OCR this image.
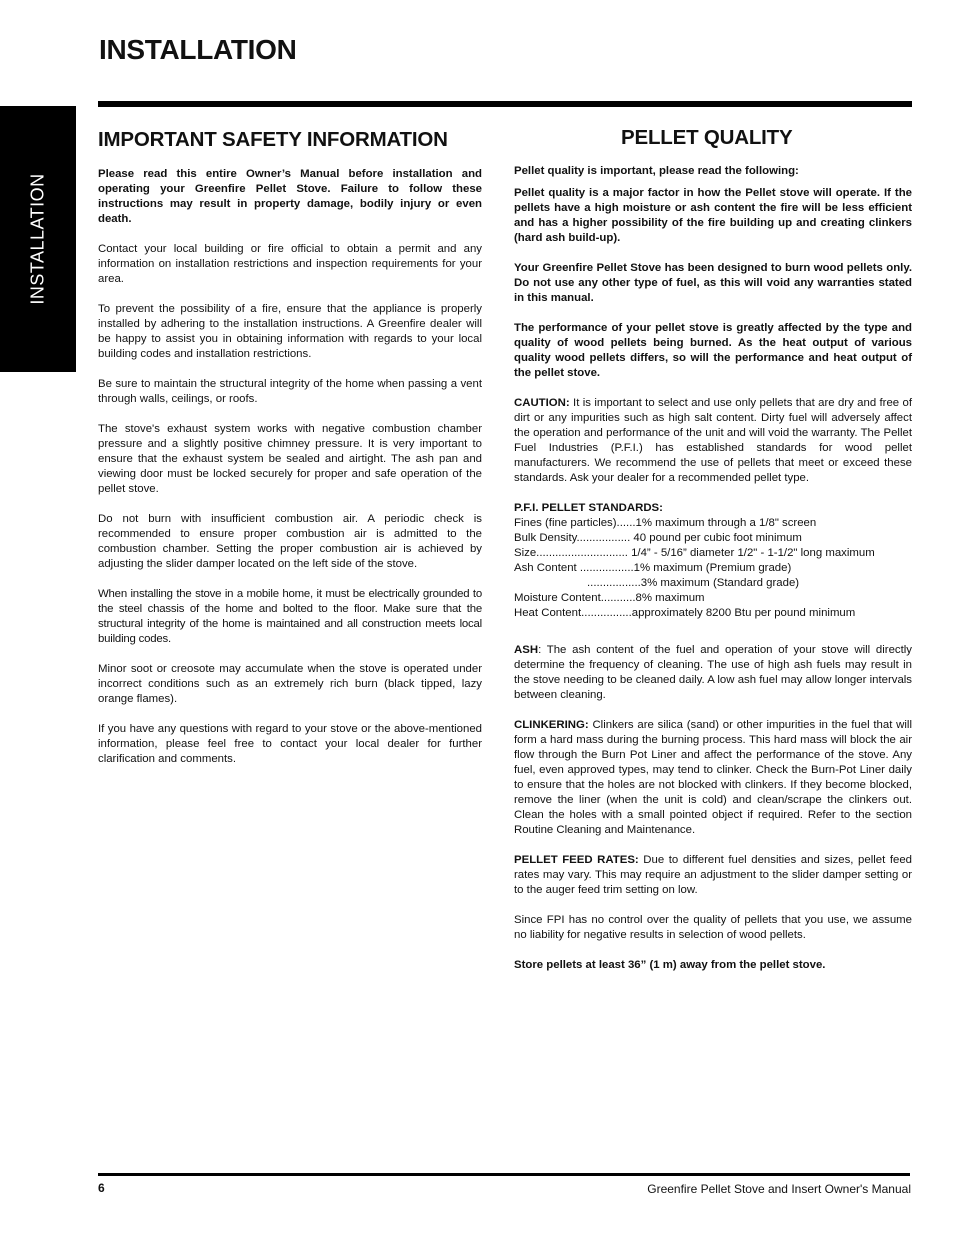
INSTALLATION
INSTALLATION
IMPORTANT SAFETY INFORMATION

Please read this entire Owner’s Manual before installation and operating your Greenfire Pellet Stove. Failure to follow these instructions may result in property damage, bodily injury or even death.

Contact your local building or fire official to obtain a permit and any information on installation restrictions and inspection requirements for your area.

To prevent the possibility of a fire, ensure that the appliance is properly installed by adhering to the installation instructions. A Greenfire dealer will be happy to assist you in obtaining information with regards to your local building codes and installation restrictions.

Be sure to maintain the structural integrity of the home when passing a vent through walls, ceilings, or roofs.

The stove's exhaust system works with negative combustion chamber pressure and a slightly positive chimney pressure. It is very important to ensure that the exhaust system be sealed and airtight. The ash pan and viewing door must be locked securely for proper and safe operation of the pellet stove.

Do not burn with insufficient combustion air. A periodic check is recommended to ensure proper combustion air is admitted to the combustion chamber. Setting the proper combustion air is achieved by adjusting the slider damper located on the left side of the stove.

When installing the stove in a mobile home, it must be electrically grounded to the steel chassis of the home and bolted to the floor. Make sure that the structural integrity of the home is maintained and all construction meets local building codes.

Minor soot or creosote may accumulate when the stove is operated under incorrect conditions such as an extremely rich burn (black tipped, lazy orange flames).

If you have any questions with regard to your stove or the above-mentioned information, please feel free to contact your local dealer for further clarification and comments.

PELLET QUALITY

Pellet quality is important, please read the following:

Pellet quality is a major factor in how the Pellet stove will operate. If the pellets have a high moisture or ash content the fire will be less efficient and has a higher possibility of the fire building up and creating clinkers (hard ash build-up).

Your Greenfire Pellet Stove has been designed to burn wood pellets only. Do not use any other type of fuel, as this will void any warranties stated in this manual.

The performance of your pellet stove is greatly affected by the type and quality of wood pellets being burned. As the heat output of various quality wood pellets differs, so will the performance and heat output of the pellet stove.

CAUTION: It is important to select and use only pellets that are dry and free of dirt or any impurities such as high salt content. Dirty fuel will adversely affect the operation and performance of the unit and will void the warranty. The Pellet Fuel Industries (P.F.I.) has established standards for wood pellet manufacturers. We recommend the use of pellets that meet or exceed these standards. Ask your dealer for a recommended pellet type.

P.F.I. PELLET STANDARDS:
Fines (fine particles)......1% maximum through a 1/8" screen
Bulk Density................. 40 pound per cubic foot minimum
Size............................. 1/4” - 5/16” diameter 1/2" - 1-1/2" long maximum
Ash Content .................1% maximum (Premium grade)
.................3% maximum (Standard grade)
Moisture Content...........8% maximum
Heat Content................approximately 8200 Btu per pound minimum

ASH: The ash content of the fuel and operation of your stove will directly determine the frequency of cleaning. The use of high ash fuels may result in the stove needing to be cleaned daily. A low ash fuel may allow longer intervals between cleaning.

CLINKERING: Clinkers are silica (sand) or other impurities in the fuel that will form a hard mass during the burning process. This hard mass will block the air flow through the Burn Pot Liner and affect the performance of the stove. Any fuel, even approved types, may tend to clinker. Check the Burn-Pot Liner daily to ensure that the holes are not blocked with clinkers. If they become blocked, remove the liner (when the unit is cold) and clean/scrape the clinkers out. Clean the holes with a small pointed object if required. Refer to the section Routine Cleaning and Maintenance.

PELLET FEED RATES: Due to different fuel densities and sizes, pellet feed rates may vary. This may require an adjustment to the slider damper setting or to the auger feed trim setting on low.

Since FPI has no control over the quality of pellets that you use, we assume no liability for negative results in selection of wood pellets.

Store pellets at least 36” (1 m) away from the pellet stove.

6	Greenfire Pellet Stove and Insert Owner's Manual
